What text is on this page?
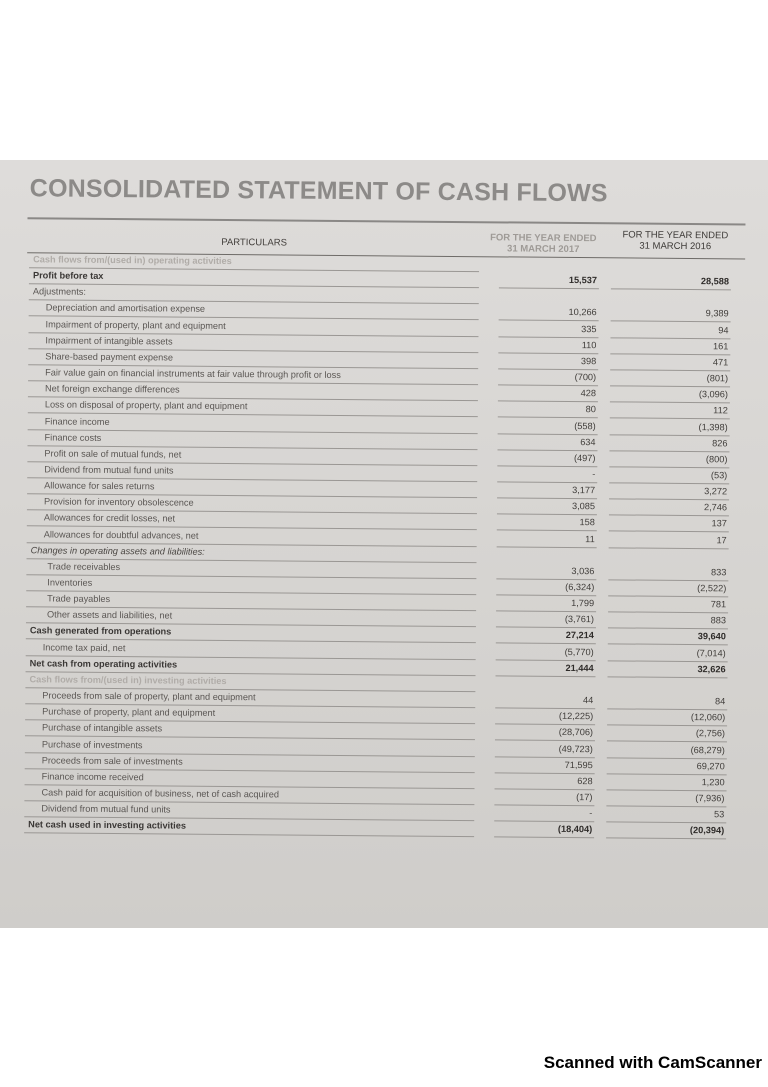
CONSOLIDATED STATEMENT OF CASH FLOWS
PARTICULARS	FOR THE YEAR ENDED
31 MARCH 2017
FOR THE YEAR ENDED
31 MARCH 2016
Cash flows from/(used in) operating activities
Profit before tax	15,537	28,588
Adjustments:
Depreciation and amortisation expense	10,266	9,389
Impairment of property, plant and equipment	335	94
Impairment of intangible assets	110	161
Share-based payment expense	398	471
Fair value gain on financial instruments at fair value through profit or loss	(700)	(801)
Net foreign exchange differences	428	(3,096)
Loss on disposal of property, plant and equipment	80	112
Finance income	(558)	(1,398)
Finance costs	634	826
Profit on sale of mutual funds, net	(497)	(800)
Dividend from mutual fund units	-	(53)
Allowance for sales returns	3,177	3,272
Provision for inventory obsolescence	3,085	2,746
Allowances for credit losses, net	158	137
Allowances for doubtful advances, net	11	17
Changes in operating assets and liabilities:
Trade receivables	3,036	833
Inventories	(6,324)	(2,522)
Trade payables	1,799	781
Other assets and liabilities, net	(3,761)	883
Cash generated from operations	27,214	39,640
Income tax paid, net	(5,770)	(7,014)
Net cash from operating activities	21,444	32,626
Cash flows from/(used in) investing activities
Proceeds from sale of property, plant and equipment	44	84
Purchase of property, plant and equipment	(12,225)	(12,060)
Purchase of intangible assets	(28,706)	(2,756)
Purchase of investments	(49,723)	(68,279)
Proceeds from sale of investments	71,595	69,270
Finance income received	628	1,230
Cash paid for acquisition of business, net of cash acquired	(17)	(7,936)
Dividend from mutual fund units	-	53
Net cash used in investing activities	(18,404)	(20,394)
Scanned with CamScanner
